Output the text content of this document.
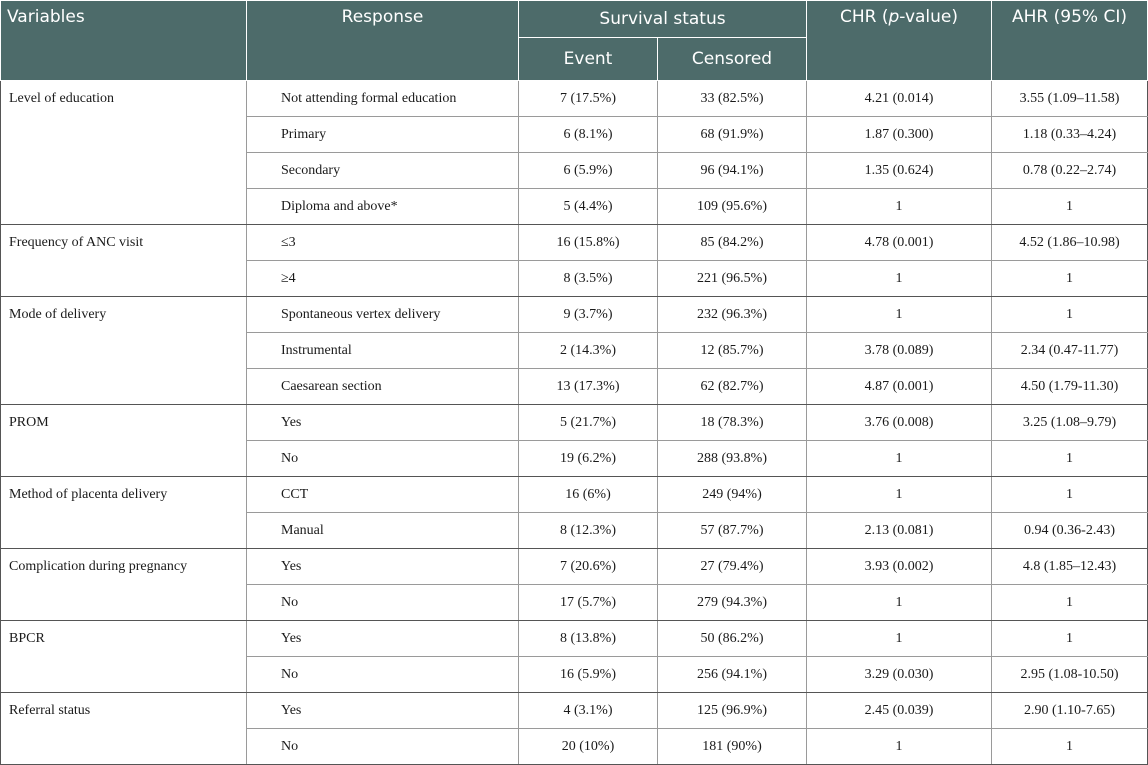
Variables	Response	Survival status		CHR (p-value)	AHR (95% CI)
		Event	Censored		
Level of education	Not attending formal education	7 (17.5%)	33 (82.5%)	4.21 (0.014)	3.55 (1.09–11.58)
	Primary	6 (8.1%)	68 (91.9%)	1.87 (0.300)	1.18 (0.33–4.24)
	Secondary	6 (5.9%)	96 (94.1%)	1.35 (0.624)	0.78 (0.22–2.74)
	Diploma and above*	5 (4.4%)	109 (95.6%)	1	1
Frequency of ANC visit	≤3	16 (15.8%)	85 (84.2%)	4.78 (0.001)	4.52 (1.86–10.98)
	≥4	8 (3.5%)	221 (96.5%)	1	1
Mode of delivery	Spontaneous vertex delivery	9 (3.7%)	232 (96.3%)	1	1
	Instrumental	2 (14.3%)	12 (85.7%)	3.78 (0.089)	2.34 (0.47-11.77)
	Caesarean section	13 (17.3%)	62 (82.7%)	4.87 (0.001)	4.50 (1.79-11.30)
PROM	Yes	5 (21.7%)	18 (78.3%)	3.76 (0.008)	3.25 (1.08–9.79)
	No	19 (6.2%)	288 (93.8%)	1	1
Method of placenta delivery	CCT	16 (6%)	249 (94%)	1	1
	Manual	8 (12.3%)	57 (87.7%)	2.13 (0.081)	0.94 (0.36-2.43)
Complication during pregnancy	Yes	7 (20.6%)	27 (79.4%)	3.93 (0.002)	4.8 (1.85–12.43)
	No	17 (5.7%)	279 (94.3%)	1	1
BPCR	Yes	8 (13.8%)	50 (86.2%)	1	1
	No	16 (5.9%)	256 (94.1%)	3.29 (0.030)	2.95 (1.08-10.50)
Referral status	Yes	4 (3.1%)	125 (96.9%)	2.45 (0.039)	2.90 (1.10-7.65)
	No	20 (10%)	181 (90%)	1	1
